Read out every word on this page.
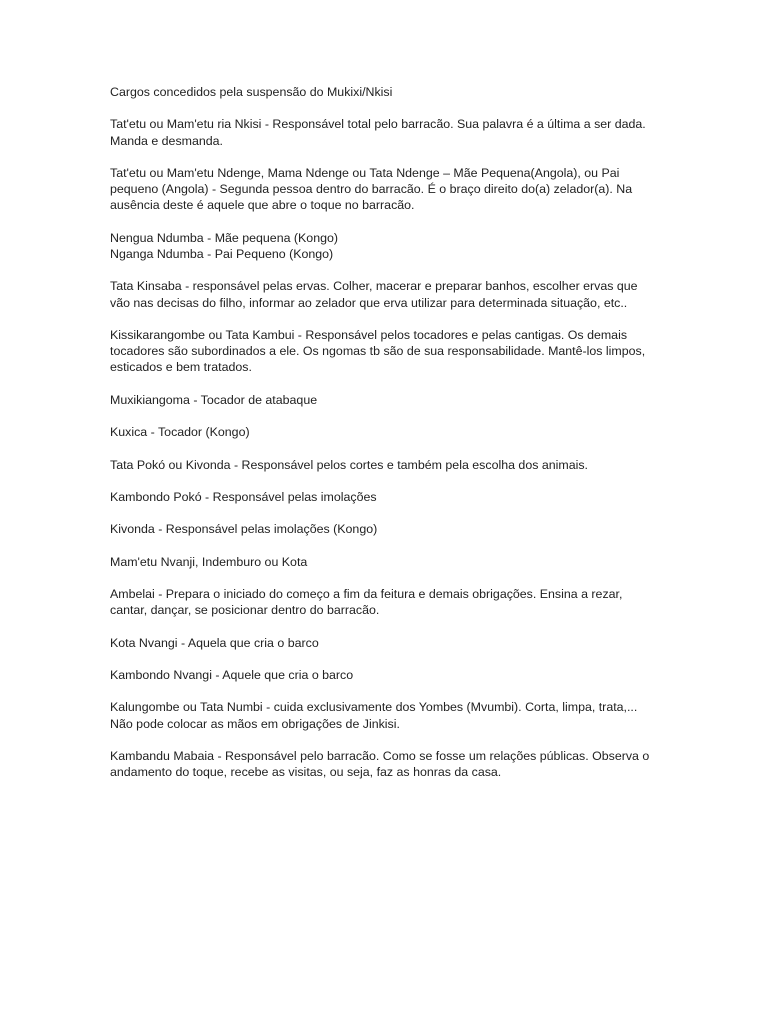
Cargos concedidos pela suspensão do Mukixi/Nkisi

Tat'etu ou Mam'etu ria Nkisi - Responsável total pelo barracão. Sua palavra é a última a ser dada. Manda e desmanda.

Tat'etu ou Mam'etu Ndenge, Mama Ndenge ou Tata Ndenge – Mãe Pequena(Angola), ou Pai pequeno (Angola) - Segunda pessoa dentro do barracão. É o braço direito do(a) zelador(a). Na ausência deste é aquele que abre o toque no barracão.

Nengua Ndumba - Mãe pequena (Kongo)

Nganga Ndumba - Pai Pequeno (Kongo)

Tata Kinsaba - responsável pelas ervas. Colher, macerar e preparar banhos, escolher ervas que vão nas decisas do filho, informar ao zelador que erva utilizar para determinada situação, etc..

Kissikarangombe ou Tata Kambui - Responsável pelos tocadores e pelas cantigas. Os demais tocadores são subordinados a ele. Os ngomas tb são de sua responsabilidade. Mantê-los limpos, esticados e bem tratados.

Muxikiangoma - Tocador de atabaque

Kuxica - Tocador (Kongo)

Tata Pokó ou Kivonda - Responsável pelos cortes e também pela escolha dos animais.

Kambondo Pokó - Responsável pelas imolações

Kivonda - Responsável pelas imolações (Kongo)

Mam'etu Nvanji, Indemburo ou Kota

Ambelai - Prepara o iniciado do começo a fim da feitura e demais obrigações. Ensina a rezar, cantar, dançar, se posicionar dentro do barracão.

Kota Nvangi - Aquela que cria o barco

Kambondo Nvangi - Aquele que cria o barco

Kalungombe ou Tata Numbi - cuida exclusivamente dos Yombes (Mvumbi). Corta, limpa, trata,... Não pode colocar as mãos em obrigações de Jinkisi.

Kambandu Mabaia - Responsável pelo barracão. Como se fosse um relações públicas. Observa o andamento do toque, recebe as visitas, ou seja, faz as honras da casa.
